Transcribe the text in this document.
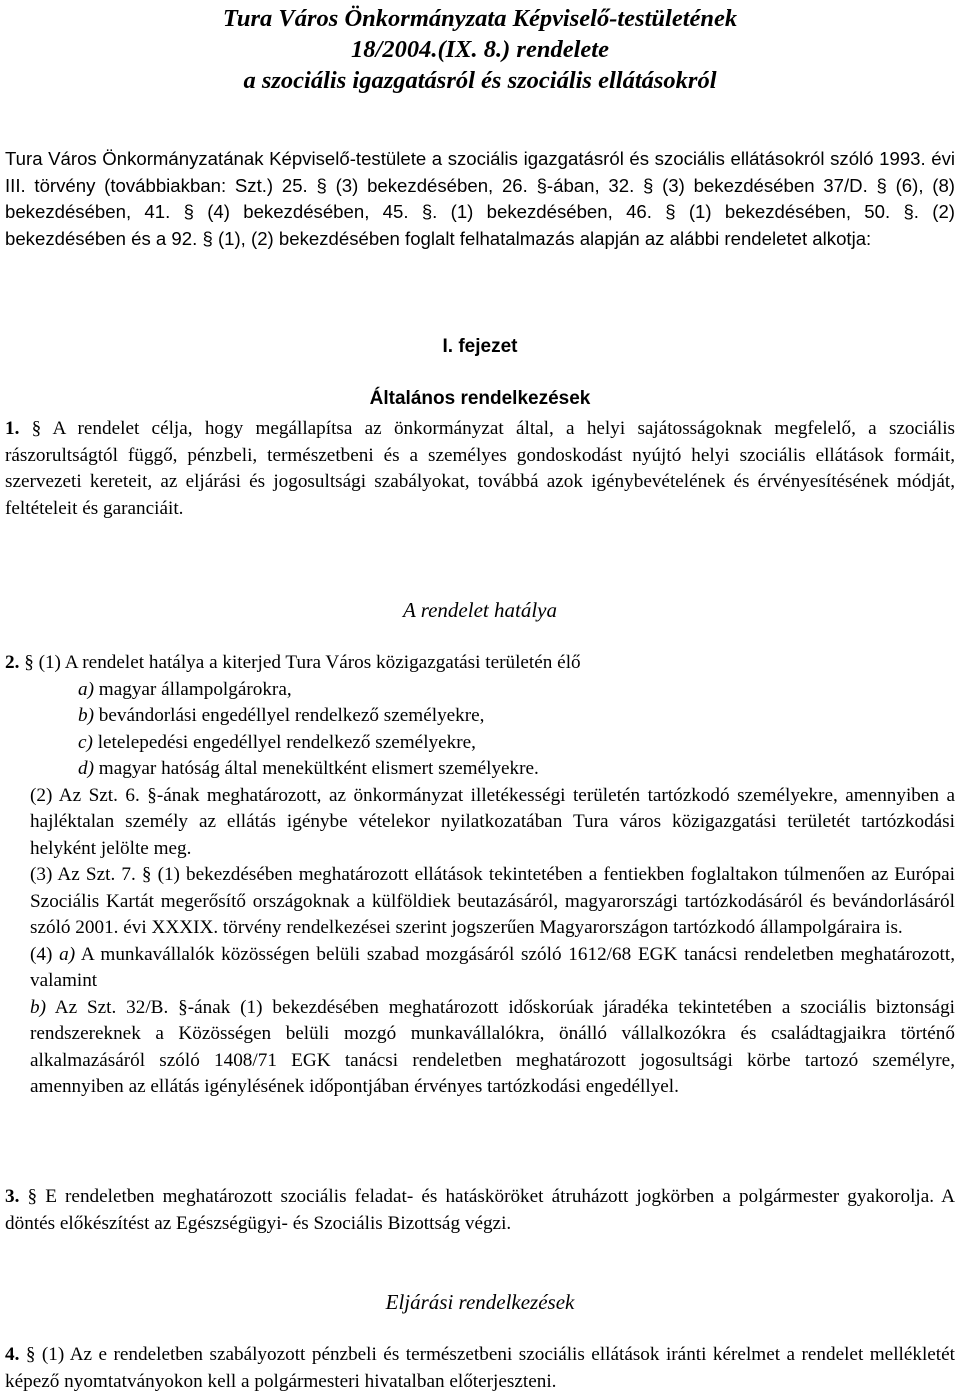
Tura Város Önkormányzata Képviselő-testületének

18/2004.(IX. 8.) rendelete

a szociális igazgatásról és szociális ellátásokról

Tura Város Önkormányzatának Képviselő-testülete a szociális igazgatásról és szociális ellátásokról szóló 1993. évi III. törvény (továbbiakban: Szt.) 25. § (3) bekezdésében, 26. §-ában, 32. § (3) bekezdésében 37/D. § (6), (8) bekezdésében, 41. § (4) bekezdésében, 45. §. (1) bekezdésében, 46. § (1) bekezdésében, 50. §. (2) bekezdésében és a 92. § (1), (2) bekezdésében foglalt felhatalmazás alapján az alábbi rendeletet alkotja:

I. fejezet

Általános rendelkezések

1. § A rendelet célja, hogy megállapítsa az önkormányzat által, a helyi sajátosságoknak megfelelő, a szociális rászorultságtól függő, pénzbeli, természetbeni és a személyes gondoskodást nyújtó helyi szociális ellátások formáit, szervezeti kereteit, az eljárási és jogosultsági szabályokat, továbbá azok igénybevételének és érvényesítésének módját, feltételeit és garanciáit.

A rendelet hatálya

2. § (1) A rendelet hatálya a kiterjed Tura Város közigazgatási területén élő
a) magyar állampolgárokra,
b) bevándorlási engedéllyel rendelkező személyekre,
c) letelepedési engedéllyel rendelkező személyekre,
d) magyar hatóság által menekültként elismert személyekre.
(2) Az Szt. 6. §-ának meghatározott, az önkormányzat illetékességi területén tartózkodó személyekre, amennyiben a hajléktalan személy az ellátás igénybe vételekor nyilatkozatában Tura város közigazgatási területét tartózkodási helyként jelölte meg.
(3) Az Szt. 7. § (1) bekezdésében meghatározott ellátások tekintetében a fentiekben foglaltakon túlmenően az Európai Szociális Kartát megerősítő országoknak a külföldiek beutazásáról, magyarországi tartózkodásáról és bevándorlásáról szóló 2001. évi XXXIX. törvény rendelkezései szerint jogszerűen Magyarországon tartózkodó állampolgáraira is.
(4) a) A munkavállalók közösségen belüli szabad mozgásáról szóló 1612/68 EGK tanácsi rendeletben meghatározott, valamint
b) Az Szt. 32/B. §-ának (1) bekezdésében meghatározott időskorúak járadéka tekintetében a szociális biztonsági rendszereknek a Közösségen belüli mozgó munkavállalókra, önálló vállalkozókra és családtagjaikra történő alkalmazásáról szóló 1408/71 EGK tanácsi rendeletben meghatározott jogosultsági körbe tartozó személyre, amennyiben az ellátás igénylésének időpontjában érvényes tartózkodási engedéllyel.

3. § E rendeletben meghatározott szociális feladat- és hatásköröket átruházott jogkörben a polgármester gyakorolja. A döntés előkészítést az Egészségügyi- és Szociális Bizottság végzi.

Eljárási rendelkezések

4. § (1) Az e rendeletben szabályozott pénzbeli és természetbeni szociális ellátások iránti kérelmet a rendelet mellékletét képező nyomtatványokon kell a polgármesteri hivatalban előterjeszteni.
